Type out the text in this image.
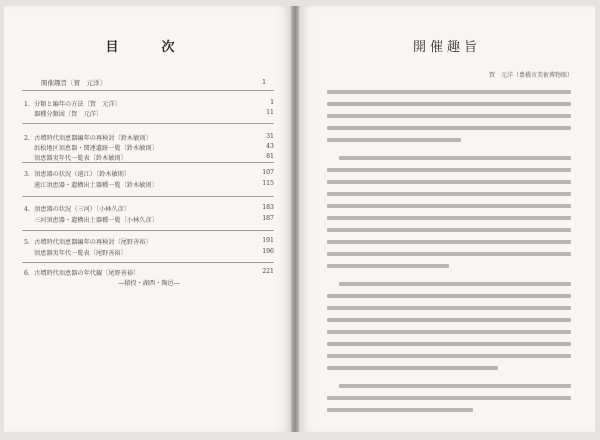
目　次
開催趣旨〔賀　元洋〕	1
1．分類と編年の方法〔賀　元洋〕	1
器種分類図〔賀　元洋〕	11
2．古墳時代須恵器編年の再検討〔鈴木敏則〕	31
浜松地区須恵器・関連遺跡一覧〔鈴木敏則〕	43
須恵器実年代一覧表〔鈴木敏則〕	81
3．須恵器の状況（遠江）〔鈴木敏則〕	107
遠江須恵器・遺構出土器種一覧〔鈴木敏則〕	115
4．須恵器の状況（三河）〔小林久彦〕	183
三河須恵器・遺構出土器種一覧〔小林久彦〕	187
5．古墳時代須恵器編年の再検討〔尾野善裕〕	191
須恵器実年代一覧表〔尾野善裕〕	196
6．古墳時代須恵器の年代観〔尾野善裕〕	221
―猿投・湖西・陶邑―
開催趣旨
賀　元洋（豊橋市美術博物館）
